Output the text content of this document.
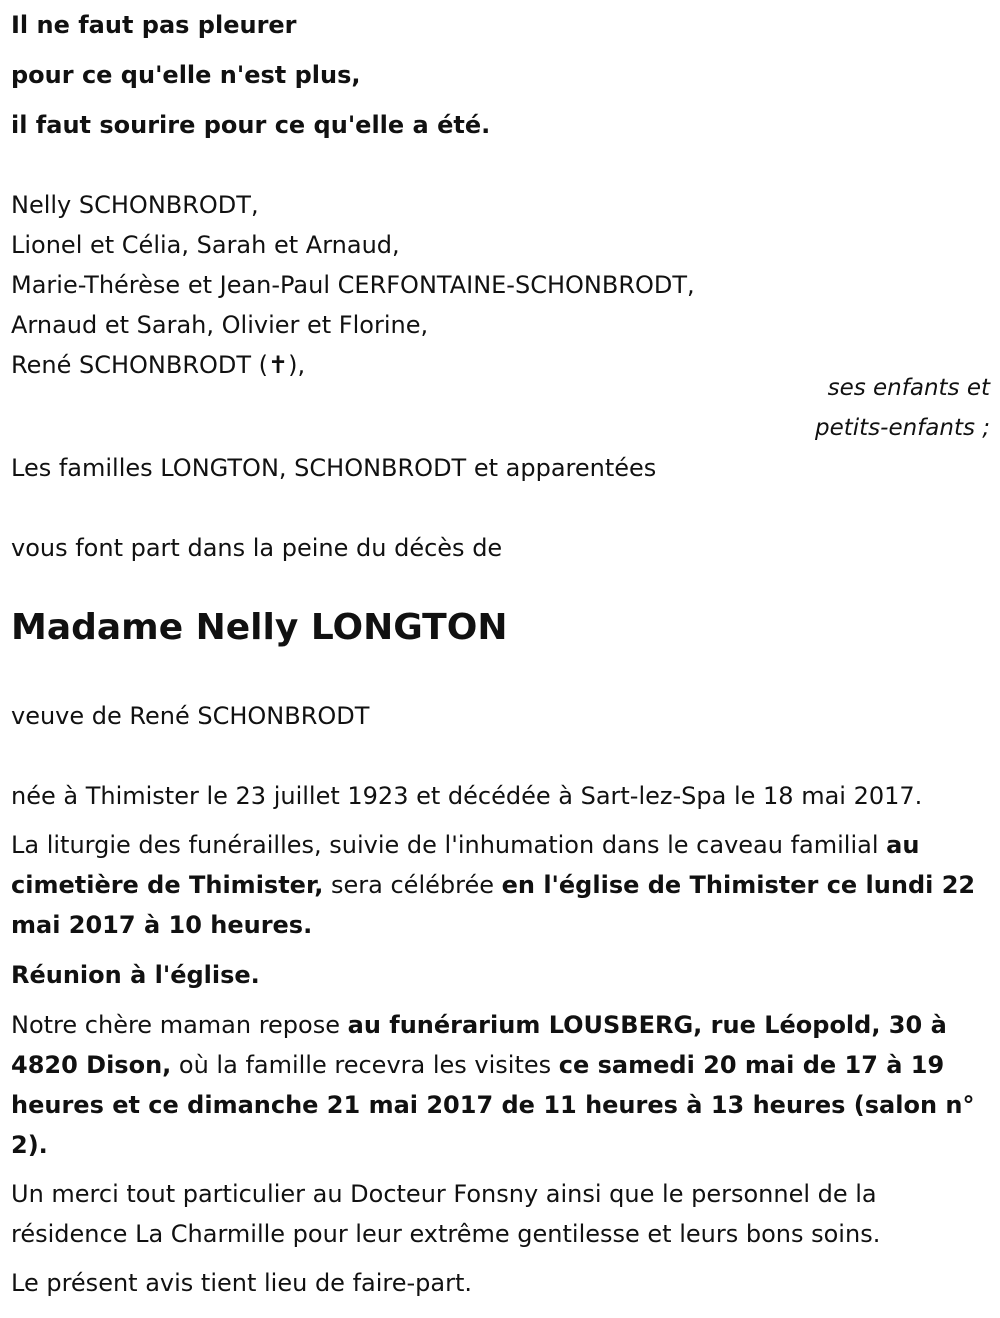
Il ne faut pas pleurer

pour ce qu'elle n'est plus,

il faut sourire pour ce qu'elle a été.

Nelly SCHONBRODT,

Lionel et Célia, Sarah et Arnaud,

Marie-Thérèse et Jean-Paul CERFONTAINE-SCHONBRODT,

Arnaud et Sarah, Olivier et Florine,

René SCHONBRODT (✝),

ses enfants et
petits-enfants ;

Les familles LONGTON, SCHONBRODT et apparentées

vous font part dans la peine du décès de

Madame Nelly LONGTON

veuve de René SCHONBRODT

née à Thimister le 23 juillet 1923 et décédée à Sart-lez-Spa le 18 mai 2017.

La liturgie des funérailles, suivie de l'inhumation dans le caveau familial au cimetière de Thimister, sera célébrée en l'église de Thimister ce lundi 22 mai 2017 à 10 heures.

Réunion à l'église.

Notre chère maman repose au funérarium LOUSBERG, rue Léopold, 30 à 4820 Dison, où la famille recevra les visites ce samedi 20 mai de 17 à 19 heures et ce dimanche 21 mai 2017 de 11 heures à 13 heures (salon n° 2).

Un merci tout particulier au Docteur Fonsny ainsi que le personnel de la résidence La Charmille pour leur extrême gentilesse et leurs bons soins.

Le présent avis tient lieu de faire-part.
